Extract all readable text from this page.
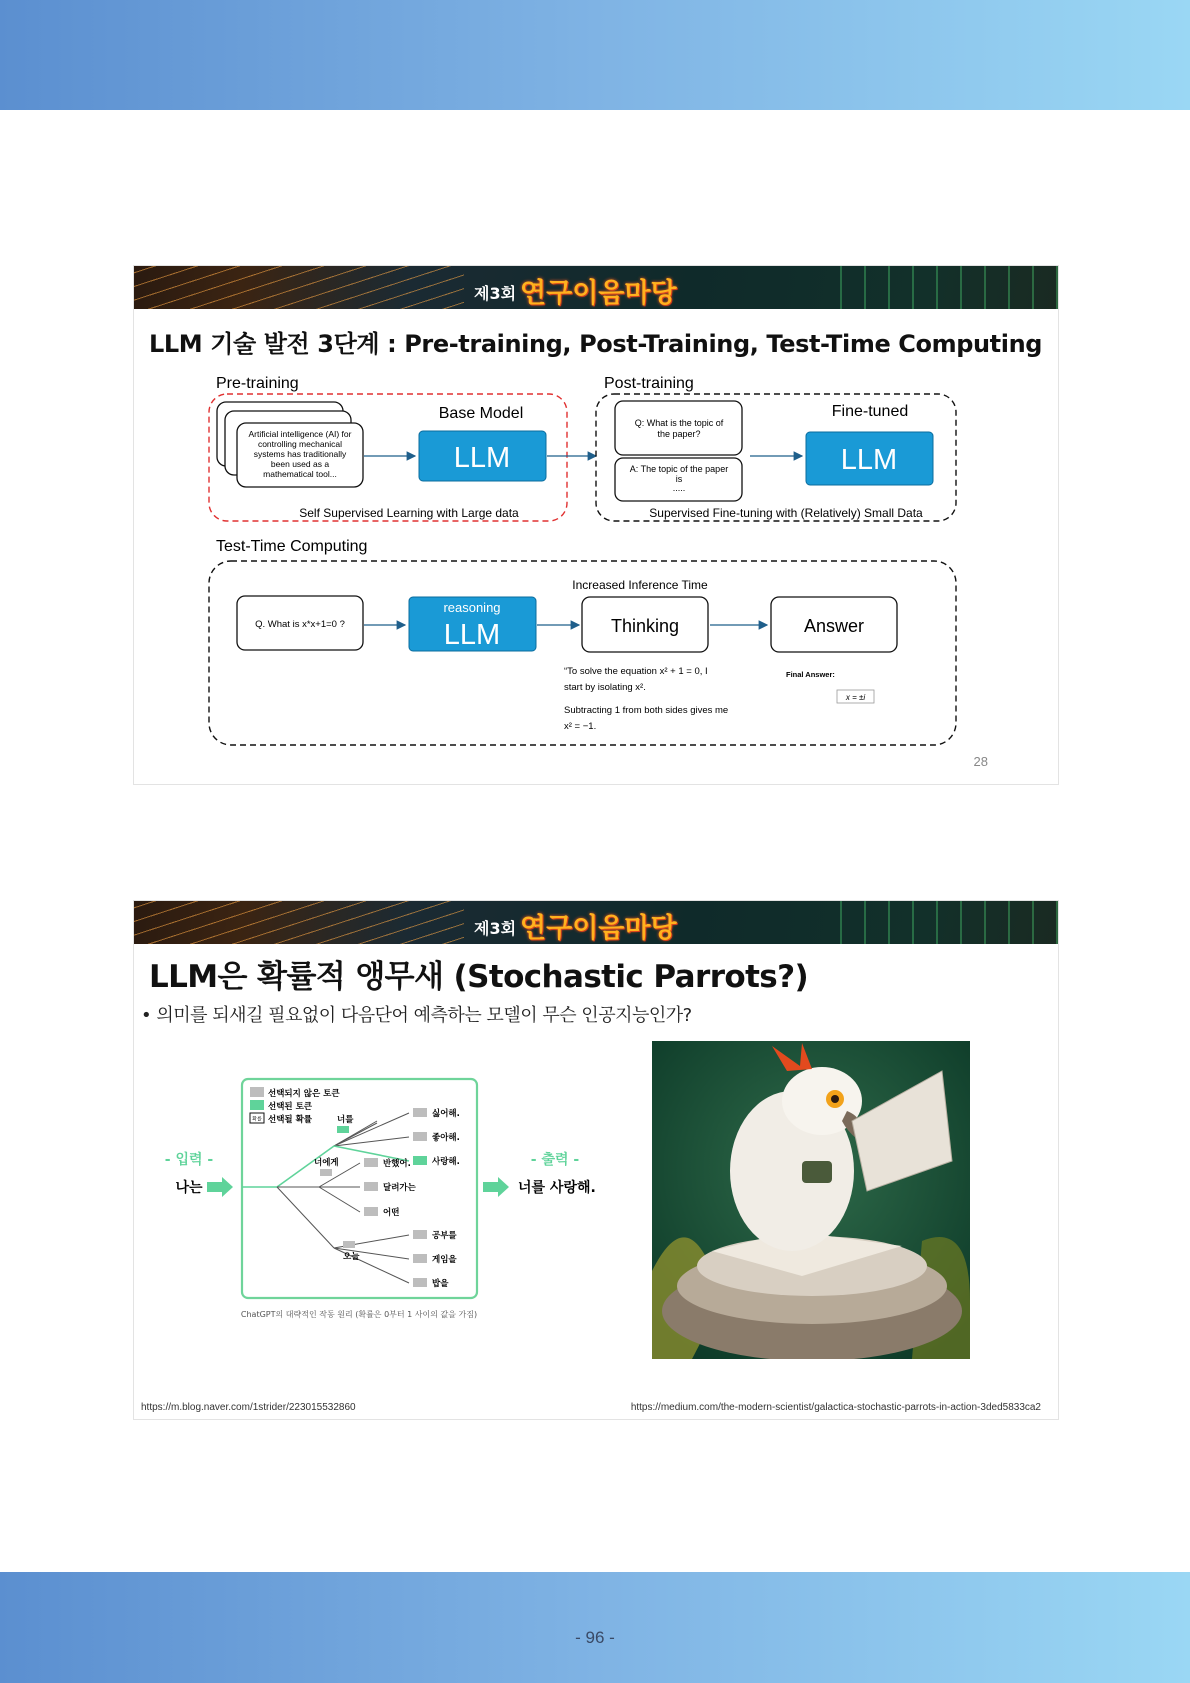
제3회 연구이음마당
LLM 기술 발전 3단계 : Pre-training, Post-Training, Test-Time Computing
Pre-training
Artificial intelligence (AI) for
controlling mechanical
systems has traditionally
been used as a
mathematical tool...
Base Model
LLM
Self Supervised Learning with Large data
Post-training
Q: What is the topic of
the paper?
A: The topic of the paper
is
.....
Fine-tuned
LLM
Supervised Fine-tuning with (Relatively) Small Data
Test-Time Computing
Q. What is x*x+1=0 ?
reasoning
LLM
Increased Inference Time
Thinking	Answer
“To solve the equation x² + 1 = 0, I
start by isolating x².
Subtracting 1 from both sides gives me
x² = −1.
Final Answer:
x = ±i
28
제3회 연구이음마당
LLM은 확률적 앵무새 (Stochastic Parrots?)
• 의미를 되새길 필요없이 다음단어 예측하는 모델이 무슨 인공지능인가?
선택되지 않은 토큰
선택된 토큰
확률 선택될 확률
- 입력 -
나는
- 출력 -
너를 사랑해.
너를
너에게
오늘
싫어해.
좋아해.
사랑해.
반했어.
달려가는
어떤
공부를
게임을
밥을
ChatGPT의 대략적인 작동 원리 (확률은 0부터 1 사이의 값을 가짐)
https://m.blog.naver.com/1strider/223015532860	https://medium.com/the-modern-scientist/galactica-stochastic-parrots-in-action-3ded5833ca2
- 96 -
